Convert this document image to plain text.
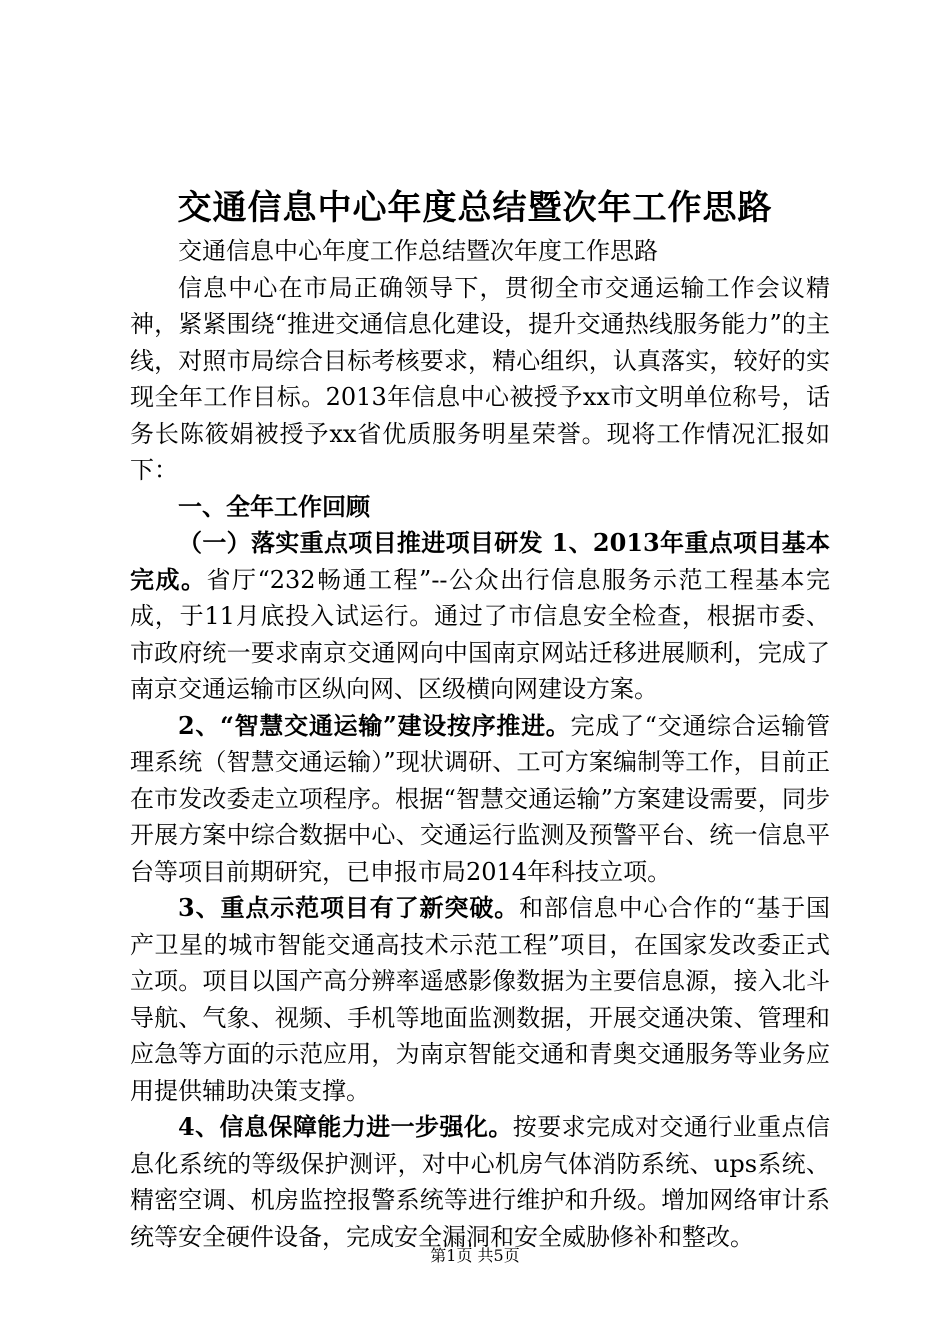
交通信息中心年度总结暨次年工作思路

交通信息中心年度工作总结暨次年度工作思路

信息中心在市局正确领导下，贯彻全市交通运输工作会议精神，紧紧围绕“推进交通信息化建设，提升交通热线服务能力”的主线，对照市局综合目标考核要求，精心组织，认真落实，较好的实现全年工作目标。2013年信息中心被授予xx市文明单位称号，话务长陈筱娟被授予xx省优质服务明星荣誉。现将工作情况汇报如下：

一、全年工作回顾

（一）落实重点项目推进项目研发 1、2013年重点项目基本完成。省厅“232畅通工程”--公众出行信息服务示范工程基本完成，于11月底投入试运行。通过了市信息安全检查，根据市委、市政府统一要求南京交通网向中国南京网站迁移进展顺利，完成了南京交通运输市区纵向网、区级横向网建设方案。

2、“智慧交通运输”建设按序推进。完成了“交通综合运输管理系统（智慧交通运输）”现状调研、工可方案编制等工作，目前正在市发改委走立项程序。根据“智慧交通运输”方案建设需要，同步开展方案中综合数据中心、交通运行监测及预警平台、统一信息平台等项目前期研究，已申报市局2014年科技立项。

3、重点示范项目有了新突破。和部信息中心合作的“基于国产卫星的城市智能交通高技术示范工程”项目，在国家发改委正式立项。项目以国产高分辨率遥感影像数据为主要信息源，接入北斗导航、气象、视频、手机等地面监测数据，开展交通决策、管理和应急等方面的示范应用，为南京智能交通和青奥交通服务等业务应用提供辅助决策支撑。

4、信息保障能力进一步强化。按要求完成对交通行业重点信息化系统的等级保护测评，对中心机房气体消防系统、ups系统、精密空调、机房监控报警系统等进行维护和升级。增加网络审计系统等安全硬件设备，完成安全漏洞和安全威胁修补和整改。

第1页 共5页
